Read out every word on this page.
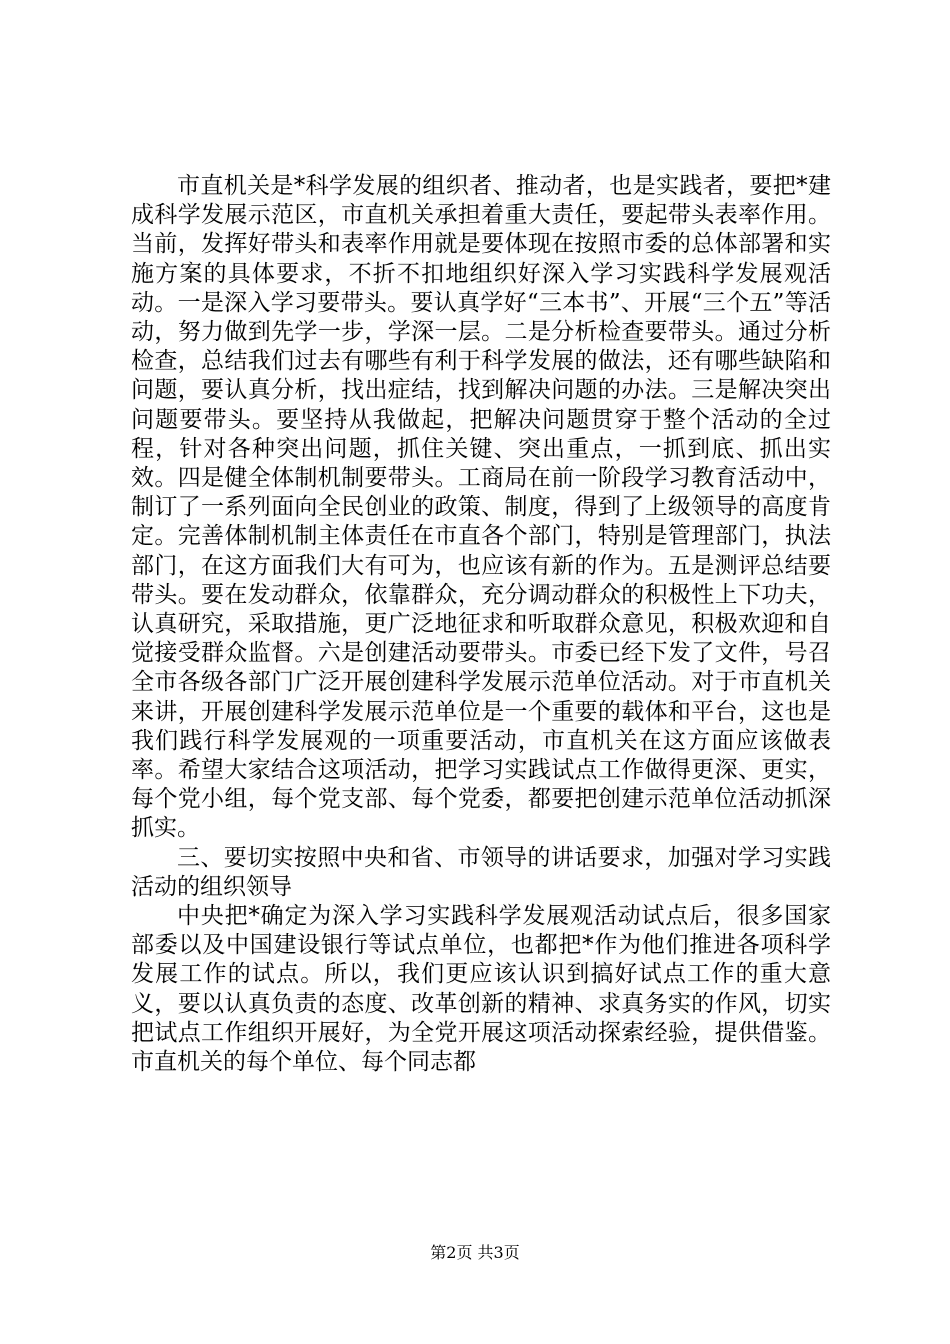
市直机关是*科学发展的组织者、推动者，也是实践者，要把*建成科学发展示范区，市直机关承担着重大责任，要起带头表率作用。当前，发挥好带头和表率作用就是要体现在按照市委的总体部署和实施方案的具体要求，不折不扣地组织好深入学习实践科学发展观活动。一是深入学习要带头。要认真学好“三本书”、开展“三个五”等活动，努力做到先学一步，学深一层。二是分析检查要带头。通过分析检查，总结我们过去有哪些有利于科学发展的做法，还有哪些缺陷和问题，要认真分析，找出症结，找到解决问题的办法。三是解决突出问题要带头。要坚持从我做起，把解决问题贯穿于整个活动的全过程，针对各种突出问题，抓住关键、突出重点，一抓到底、抓出实效。四是健全体制机制要带头。工商局在前一阶段学习教育活动中，制订了一系列面向全民创业的政策、制度，得到了上级领导的高度肯定。完善体制机制主体责任在市直各个部门，特别是管理部门，执法部门，在这方面我们大有可为，也应该有新的作为。五是测评总结要带头。要在发动群众，依靠群众，充分调动群众的积极性上下功夫，认真研究，采取措施，更广泛地征求和听取群众意见，积极欢迎和自觉接受群众监督。六是创建活动要带头。市委已经下发了文件，号召全市各级各部门广泛开展创建科学发展示范单位活动。对于市直机关来讲，开展创建科学发展示范单位是一个重要的载体和平台，这也是我们践行科学发展观的一项重要活动，市直机关在这方面应该做表率。希望大家结合这项活动，把学习实践试点工作做得更深、更实，每个党小组，每个党支部、每个党委，都要把创建示范单位活动抓深抓实。

三、要切实按照中央和省、市领导的讲话要求，加强对学习实践活动的组织领导

中央把*确定为深入学习实践科学发展观活动试点后，很多国家部委以及中国建设银行等试点单位，也都把*作为他们推进各项科学发展工作的试点。所以，我们更应该认识到搞好试点工作的重大意义，要以认真负责的态度、改革创新的精神、求真务实的作风，切实把试点工作组织开展好，为全党开展这项活动探索经验，提供借鉴。市直机关的每个单位、每个同志都

第2页 共3页
